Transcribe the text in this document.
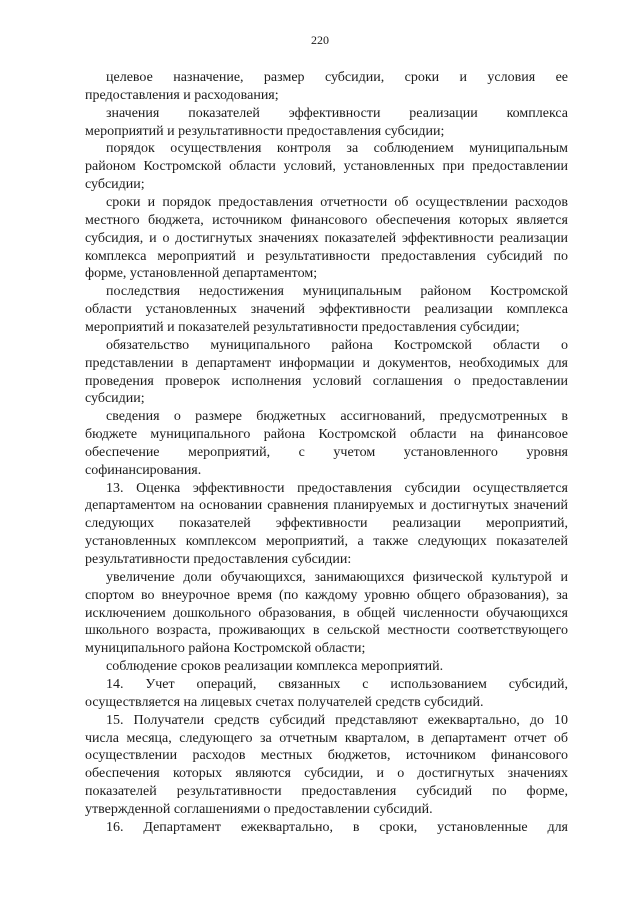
220
целевое назначение, размер субсидии, сроки и условия ее
предоставления и расходования;
значения показателей эффективности реализации комплекса
мероприятий и результативности предоставления субсидии;
порядок осуществления контроля за соблюдением муниципальным
районом Костромской области условий, установленных при предоставлении
субсидии;
сроки и порядок предоставления отчетности об осуществлении расходов
местного бюджета, источником финансового обеспечения которых является
субсидия, и о достигнутых значениях показателей эффективности реализации
комплекса мероприятий и результативности предоставления субсидий по
форме, установленной департаментом;
последствия недостижения муниципальным районом Костромской
области установленных значений эффективности реализации комплекса
мероприятий и показателей результативности предоставления субсидии;
обязательство муниципального района Костромской области о
представлении в департамент информации и документов, необходимых для
проведения проверок исполнения условий соглашения о предоставлении
субсидии;
сведения о размере бюджетных ассигнований, предусмотренных в
бюджете муниципального района Костромской области на финансовое
обеспечение мероприятий, с учетом установленного уровня
софинансирования.
13. Оценка эффективности предоставления субсидии осуществляется
департаментом на основании сравнения планируемых и достигнутых значений
следующих показателей эффективности реализации мероприятий,
установленных комплексом мероприятий, а также следующих показателей
результативности предоставления субсидии:
увеличение доли обучающихся, занимающихся физической культурой и
спортом во внеурочное время (по каждому уровню общего образования), за
исключением дошкольного образования, в общей численности обучающихся
школьного возраста, проживающих в сельской местности соответствующего
муниципального района Костромской области;
соблюдение сроков реализации комплекса мероприятий.
14. Учет операций, связанных с использованием субсидий,
осуществляется на лицевых счетах получателей средств субсидий.
15. Получатели средств субсидий представляют ежеквартально, до 10
числа месяца, следующего за отчетным кварталом, в департамент отчет об
осуществлении расходов местных бюджетов, источником финансового
обеспечения которых являются субсидии, и о достигнутых значениях
показателей результативности предоставления субсидий по форме,
утвержденной соглашениями о предоставлении субсидий.
16. Департамент ежеквартально, в сроки, установленные для
